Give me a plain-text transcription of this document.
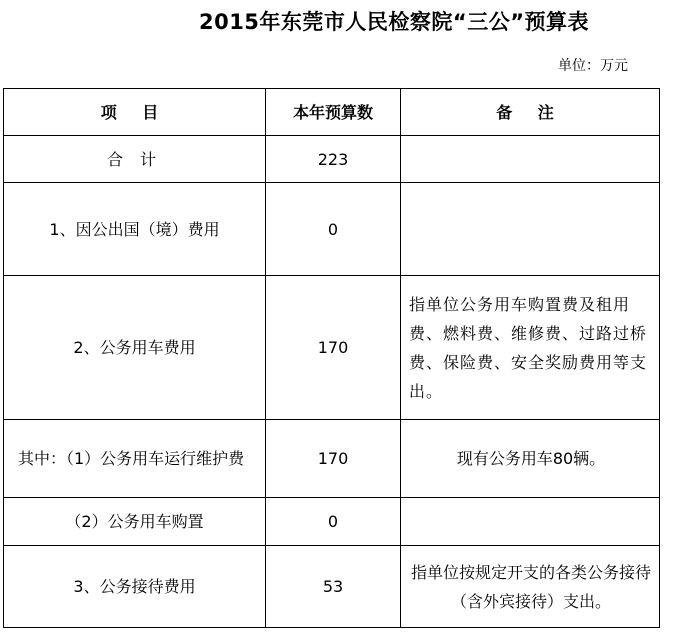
2015年东莞市人民检察院“三公”预算表
单位：万元
项 目	本年预算数	备 注
合 计	223	
1、因公出国（境）费用	0	
2、公务用车费用	170	指单位公务用车购置费及租用费、燃料费、维修费、过路过桥费、保险费、安全奖励费用等支出。
其中：（1）公务用车运行维护费	170	现有公务用车80辆。
（2）公务用车购置	0	
3、公务接待费用	53	指单位按规定开支的各类公务接待（含外宾接待）支出。
